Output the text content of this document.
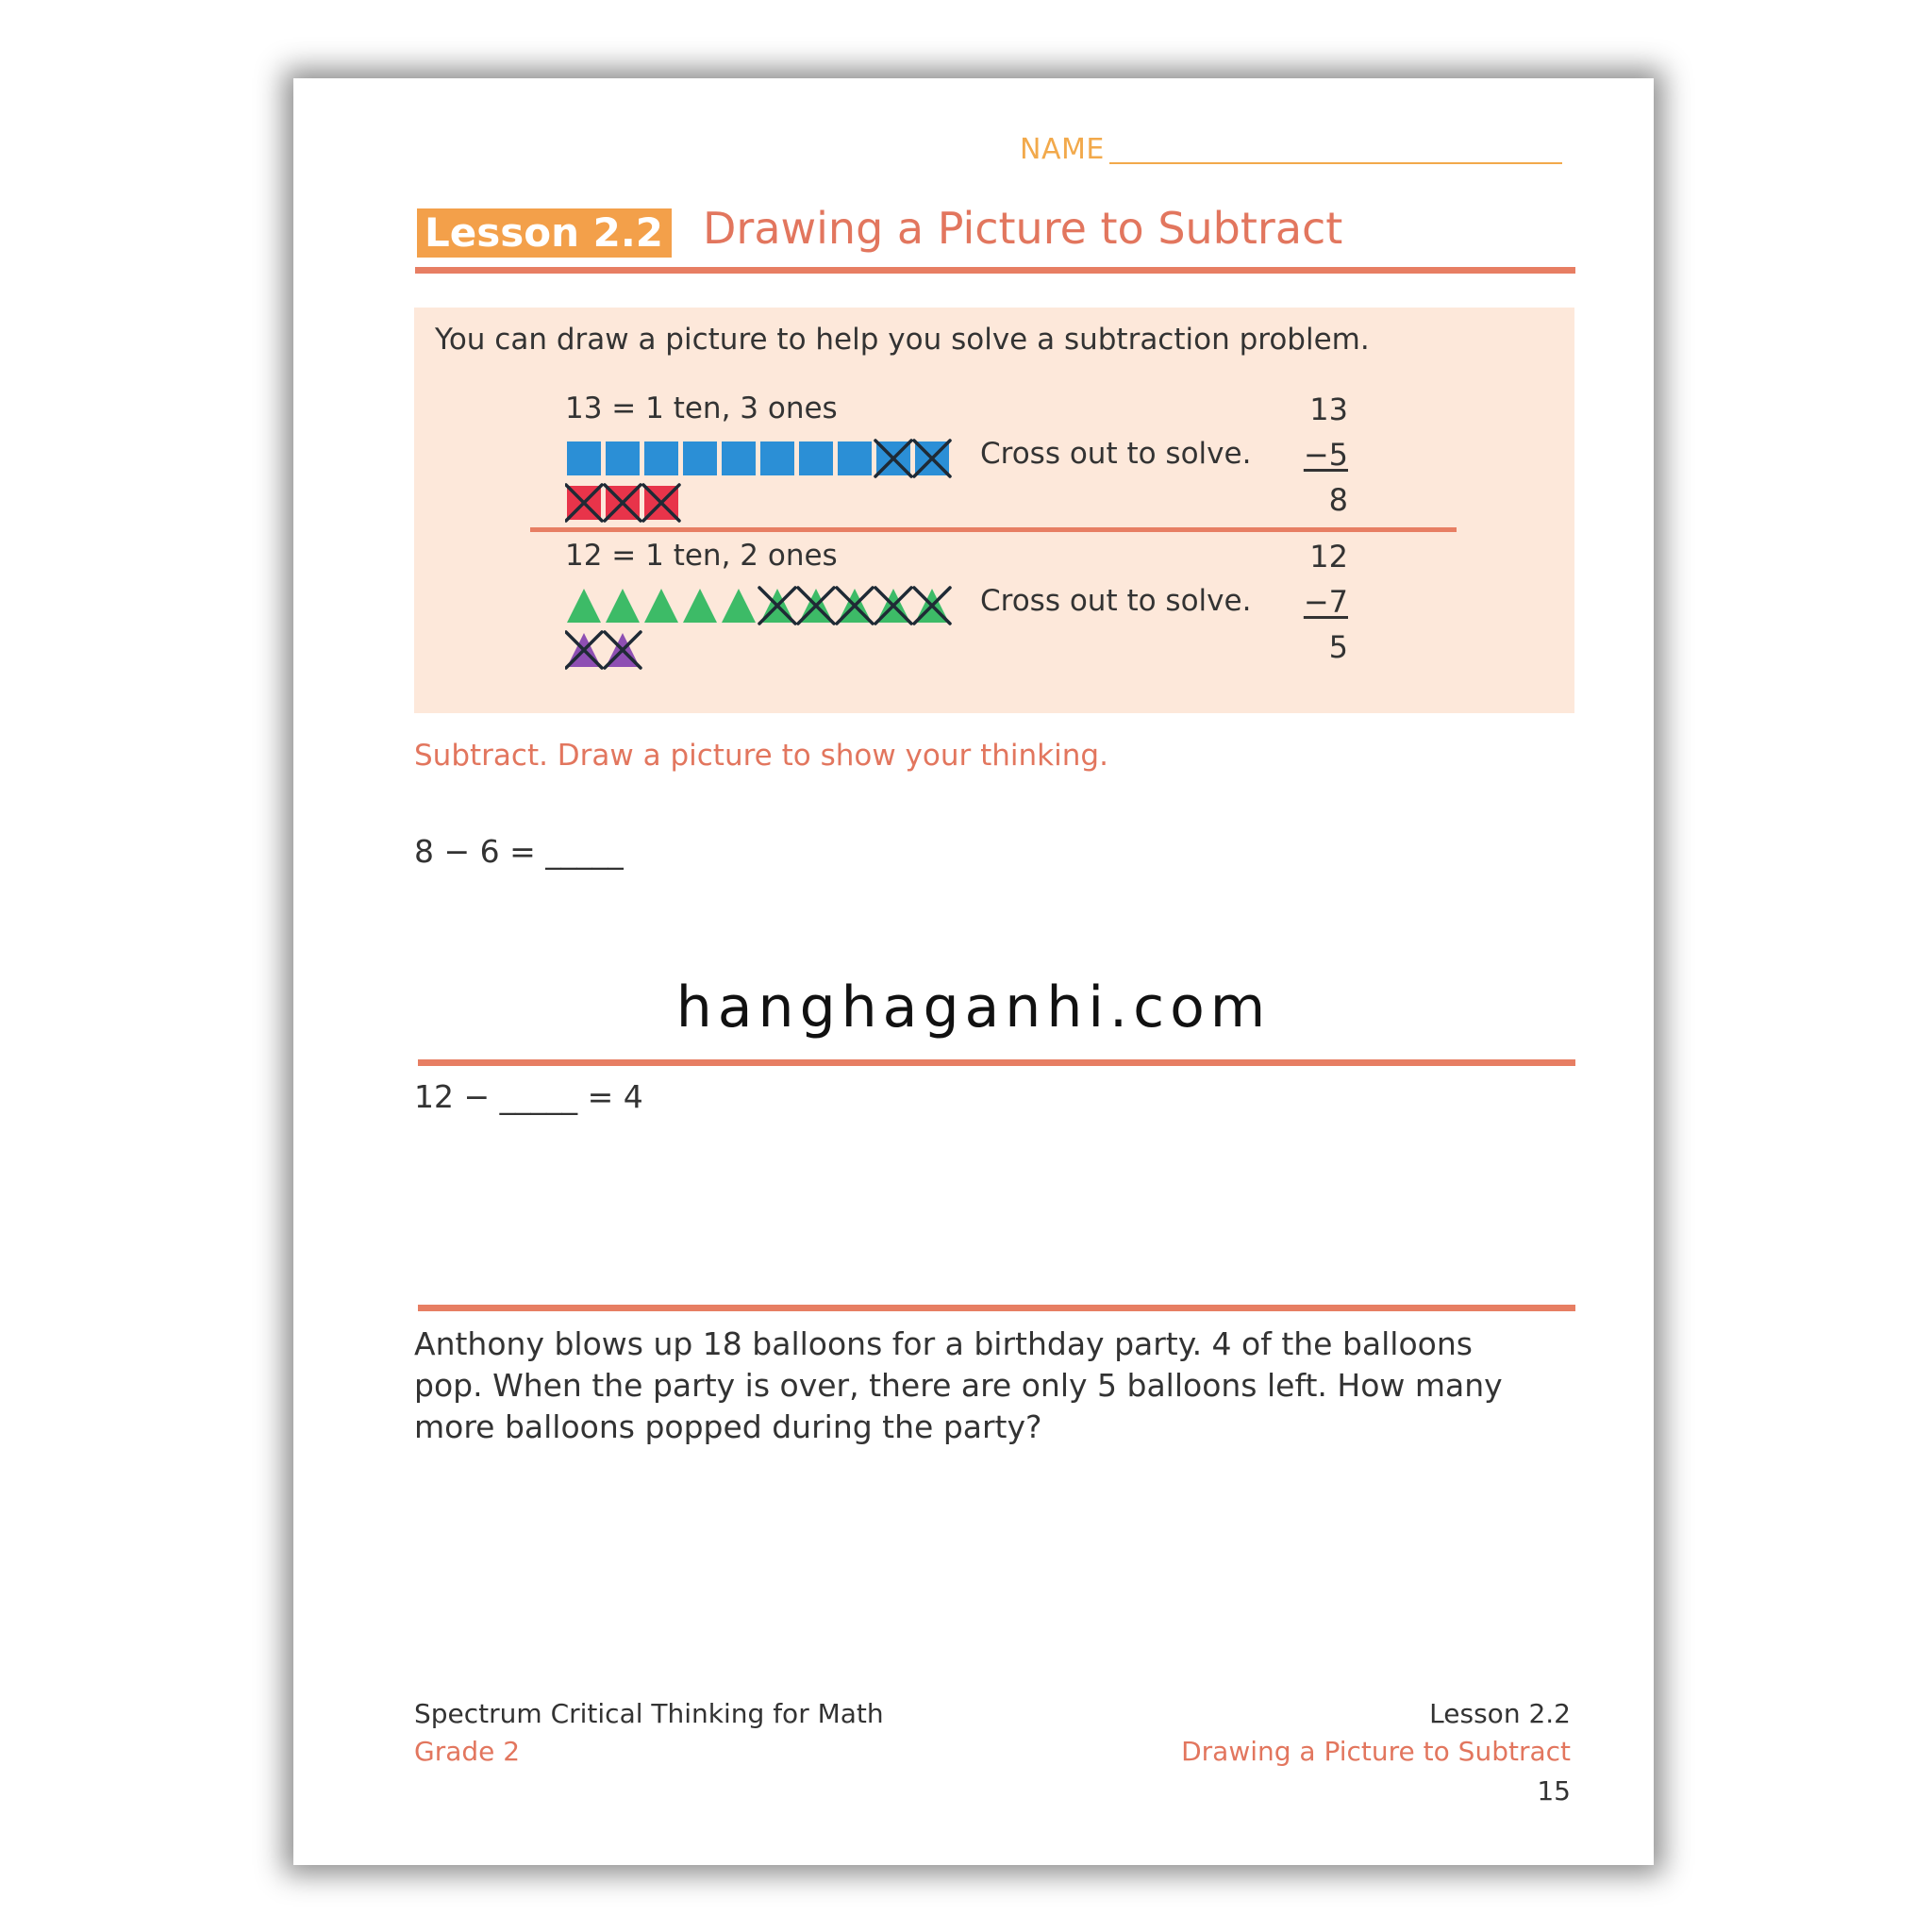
NAME
Lesson 2.2 Drawing a Picture to Subtract
You can draw a picture to help you solve a subtraction problem.
13 = 1 ten, 3 ones
Cross out to solve.
13
−5
8
12 = 1 ten, 2 ones
Cross out to solve.
12
−7
5
Subtract. Draw a picture to show your thinking.
8 − 6 = _____
hanghaganhi.com
12 − _____ = 4
Anthony blows up 18 balloons for a birthday party. 4 of the balloons pop. When the party is over, there are only 5 balloons left. How many more balloons popped during the party?
Spectrum Critical Thinking for Math
Grade 2
Lesson 2.2
Drawing a Picture to Subtract
15
